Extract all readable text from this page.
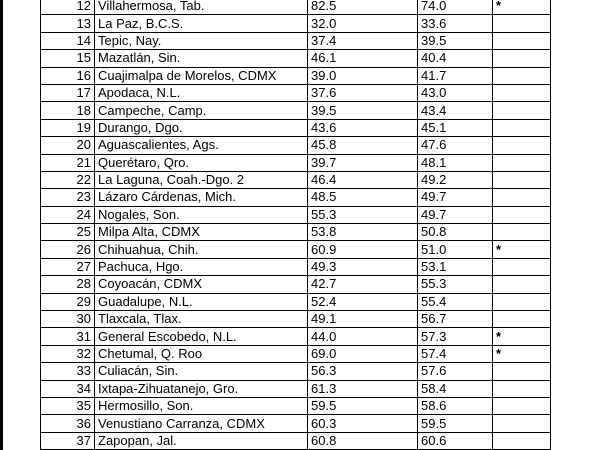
12	Villahermosa, Tab.	82.5	74.0	*
13	La Paz, B.C.S.	32.0	33.6	
14	Tepic, Nay.	37.4	39.5	
15	Mazatlán, Sin.	46.1	40.4	
16	Cuajimalpa de Morelos, CDMX	39.0	41.7	
17	Apodaca, N.L.	37.6	43.0	
18	Campeche, Camp.	39.5	43.4	
19	Durango, Dgo.	43.6	45.1	
20	Aguascalientes, Ags.	45.8	47.6	
21	Querétaro, Qro.	39.7	48.1	
22	La Laguna, Coah.-Dgo. 2	46.4	49.2	
23	Lázaro Cárdenas, Mich.	48.5	49.7	
24	Nogales, Son.	55.3	49.7	
25	Milpa Alta, CDMX	53.8	50.8	
26	Chihuahua, Chih.	60.9	51.0	*
27	Pachuca, Hgo.	49.3	53.1	
28	Coyoacán, CDMX	42.7	55.3	
29	Guadalupe, N.L.	52.4	55.4	
30	Tlaxcala, Tlax.	49.1	56.7	
31	General Escobedo, N.L.	44.0	57.3	*
32	Chetumal, Q. Roo	69.0	57.4	*
33	Culiacán, Sin.	56.3	57.6	
34	Ixtapa-Zihuatanejo, Gro.	61.3	58.4	
35	Hermosillo, Son.	59.5	58.6	
36	Venustiano Carranza, CDMX	60.3	59.5	
37	Zapopan, Jal.	60.8	60.6	
